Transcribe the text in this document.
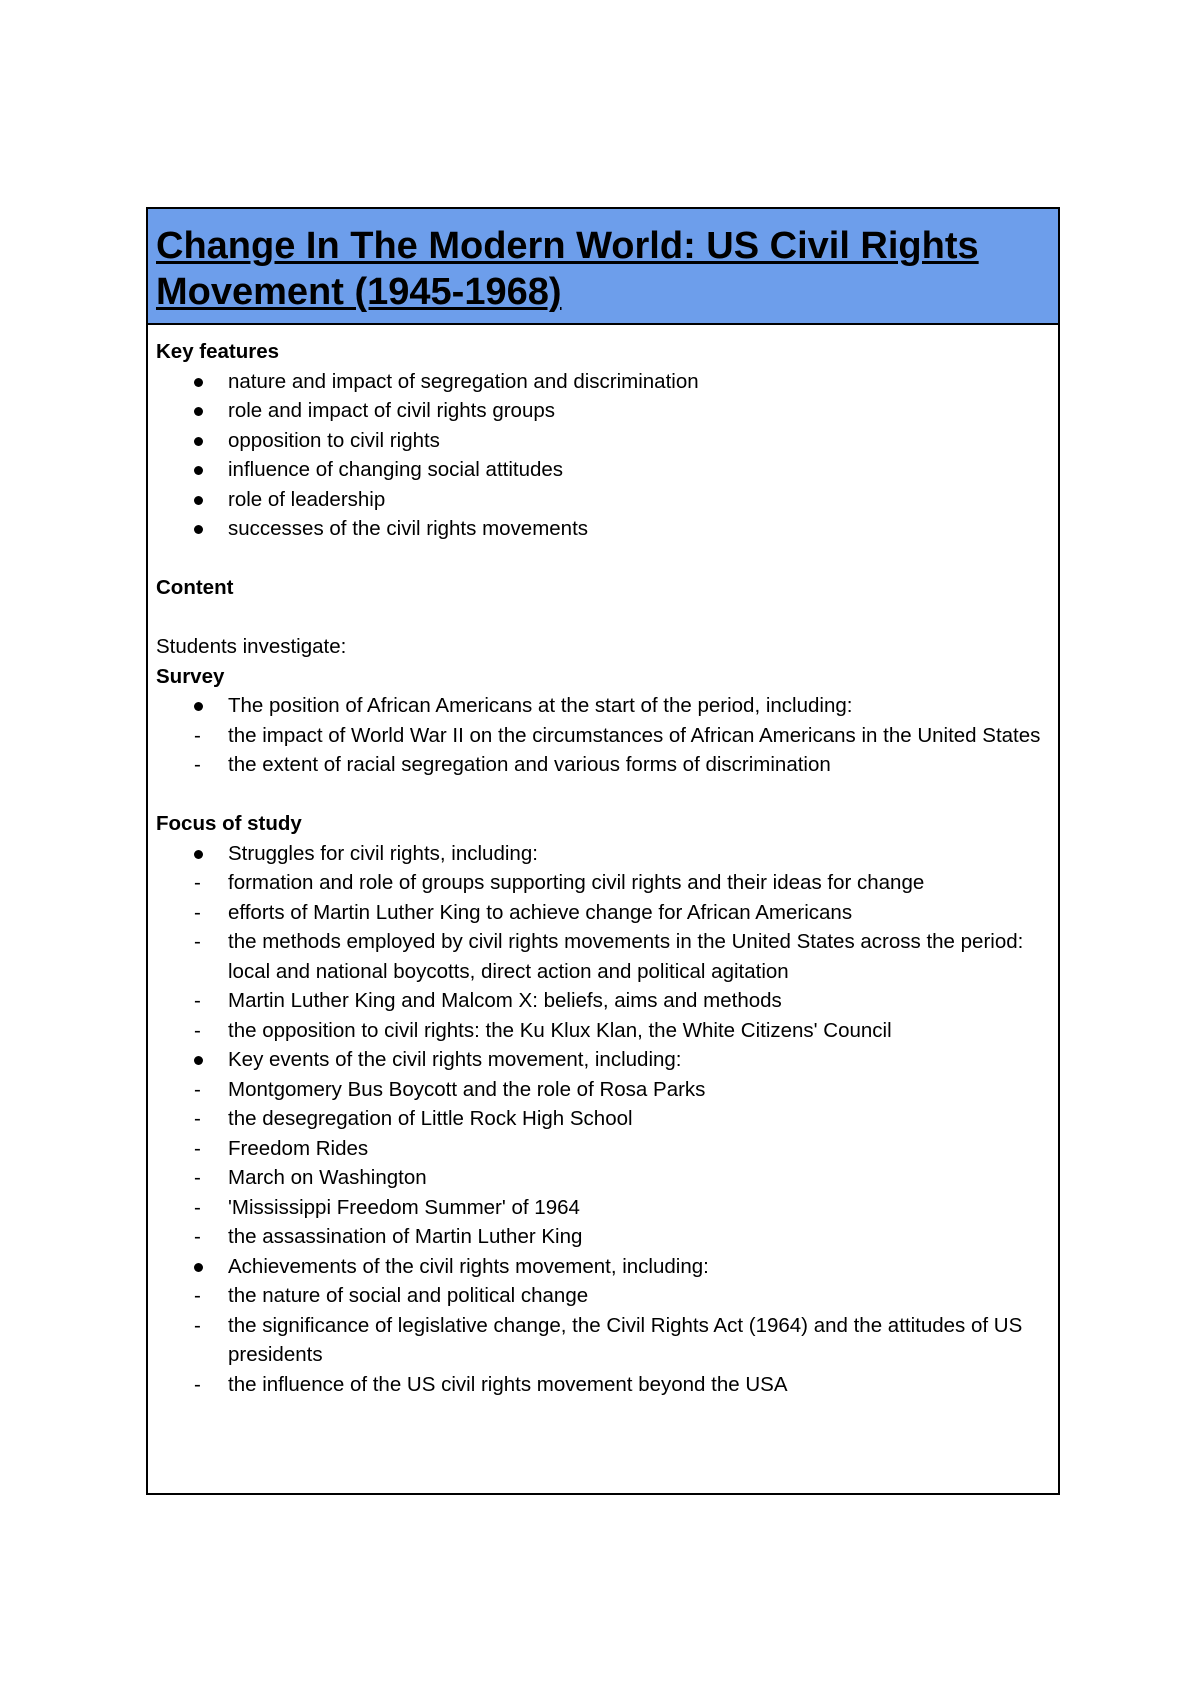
Change In The Modern World: US Civil Rights Movement (1945-1968)

Key features

nature and impact of segregation and discrimination
role and impact of civil rights groups
opposition to civil rights
influence of changing social attitudes
role of leadership
successes of the civil rights movements

Content

Students investigate:

Survey

The position of African Americans at the start of the period, including:
- the impact of World War II on the circumstances of African Americans in the United States
- the extent of racial segregation and various forms of discrimination

Focus of study

Struggles for civil rights, including:
- formation and role of groups supporting civil rights and their ideas for change
- efforts of Martin Luther King to achieve change for African Americans
- the methods employed by civil rights movements in the United States across the period: local and national boycotts, direct action and political agitation
- Martin Luther King and Malcom X: beliefs, aims and methods
- the opposition to civil rights: the Ku Klux Klan, the White Citizens' Council
Key events of the civil rights movement, including:
- Montgomery Bus Boycott and the role of Rosa Parks
- the desegregation of Little Rock High School
- Freedom Rides
- March on Washington
- 'Mississippi Freedom Summer' of 1964
- the assassination of Martin Luther King
Achievements of the civil rights movement, including:
- the nature of social and political change
- the significance of legislative change, the Civil Rights Act (1964) and the attitudes of US presidents
- the influence of the US civil rights movement beyond the USA
